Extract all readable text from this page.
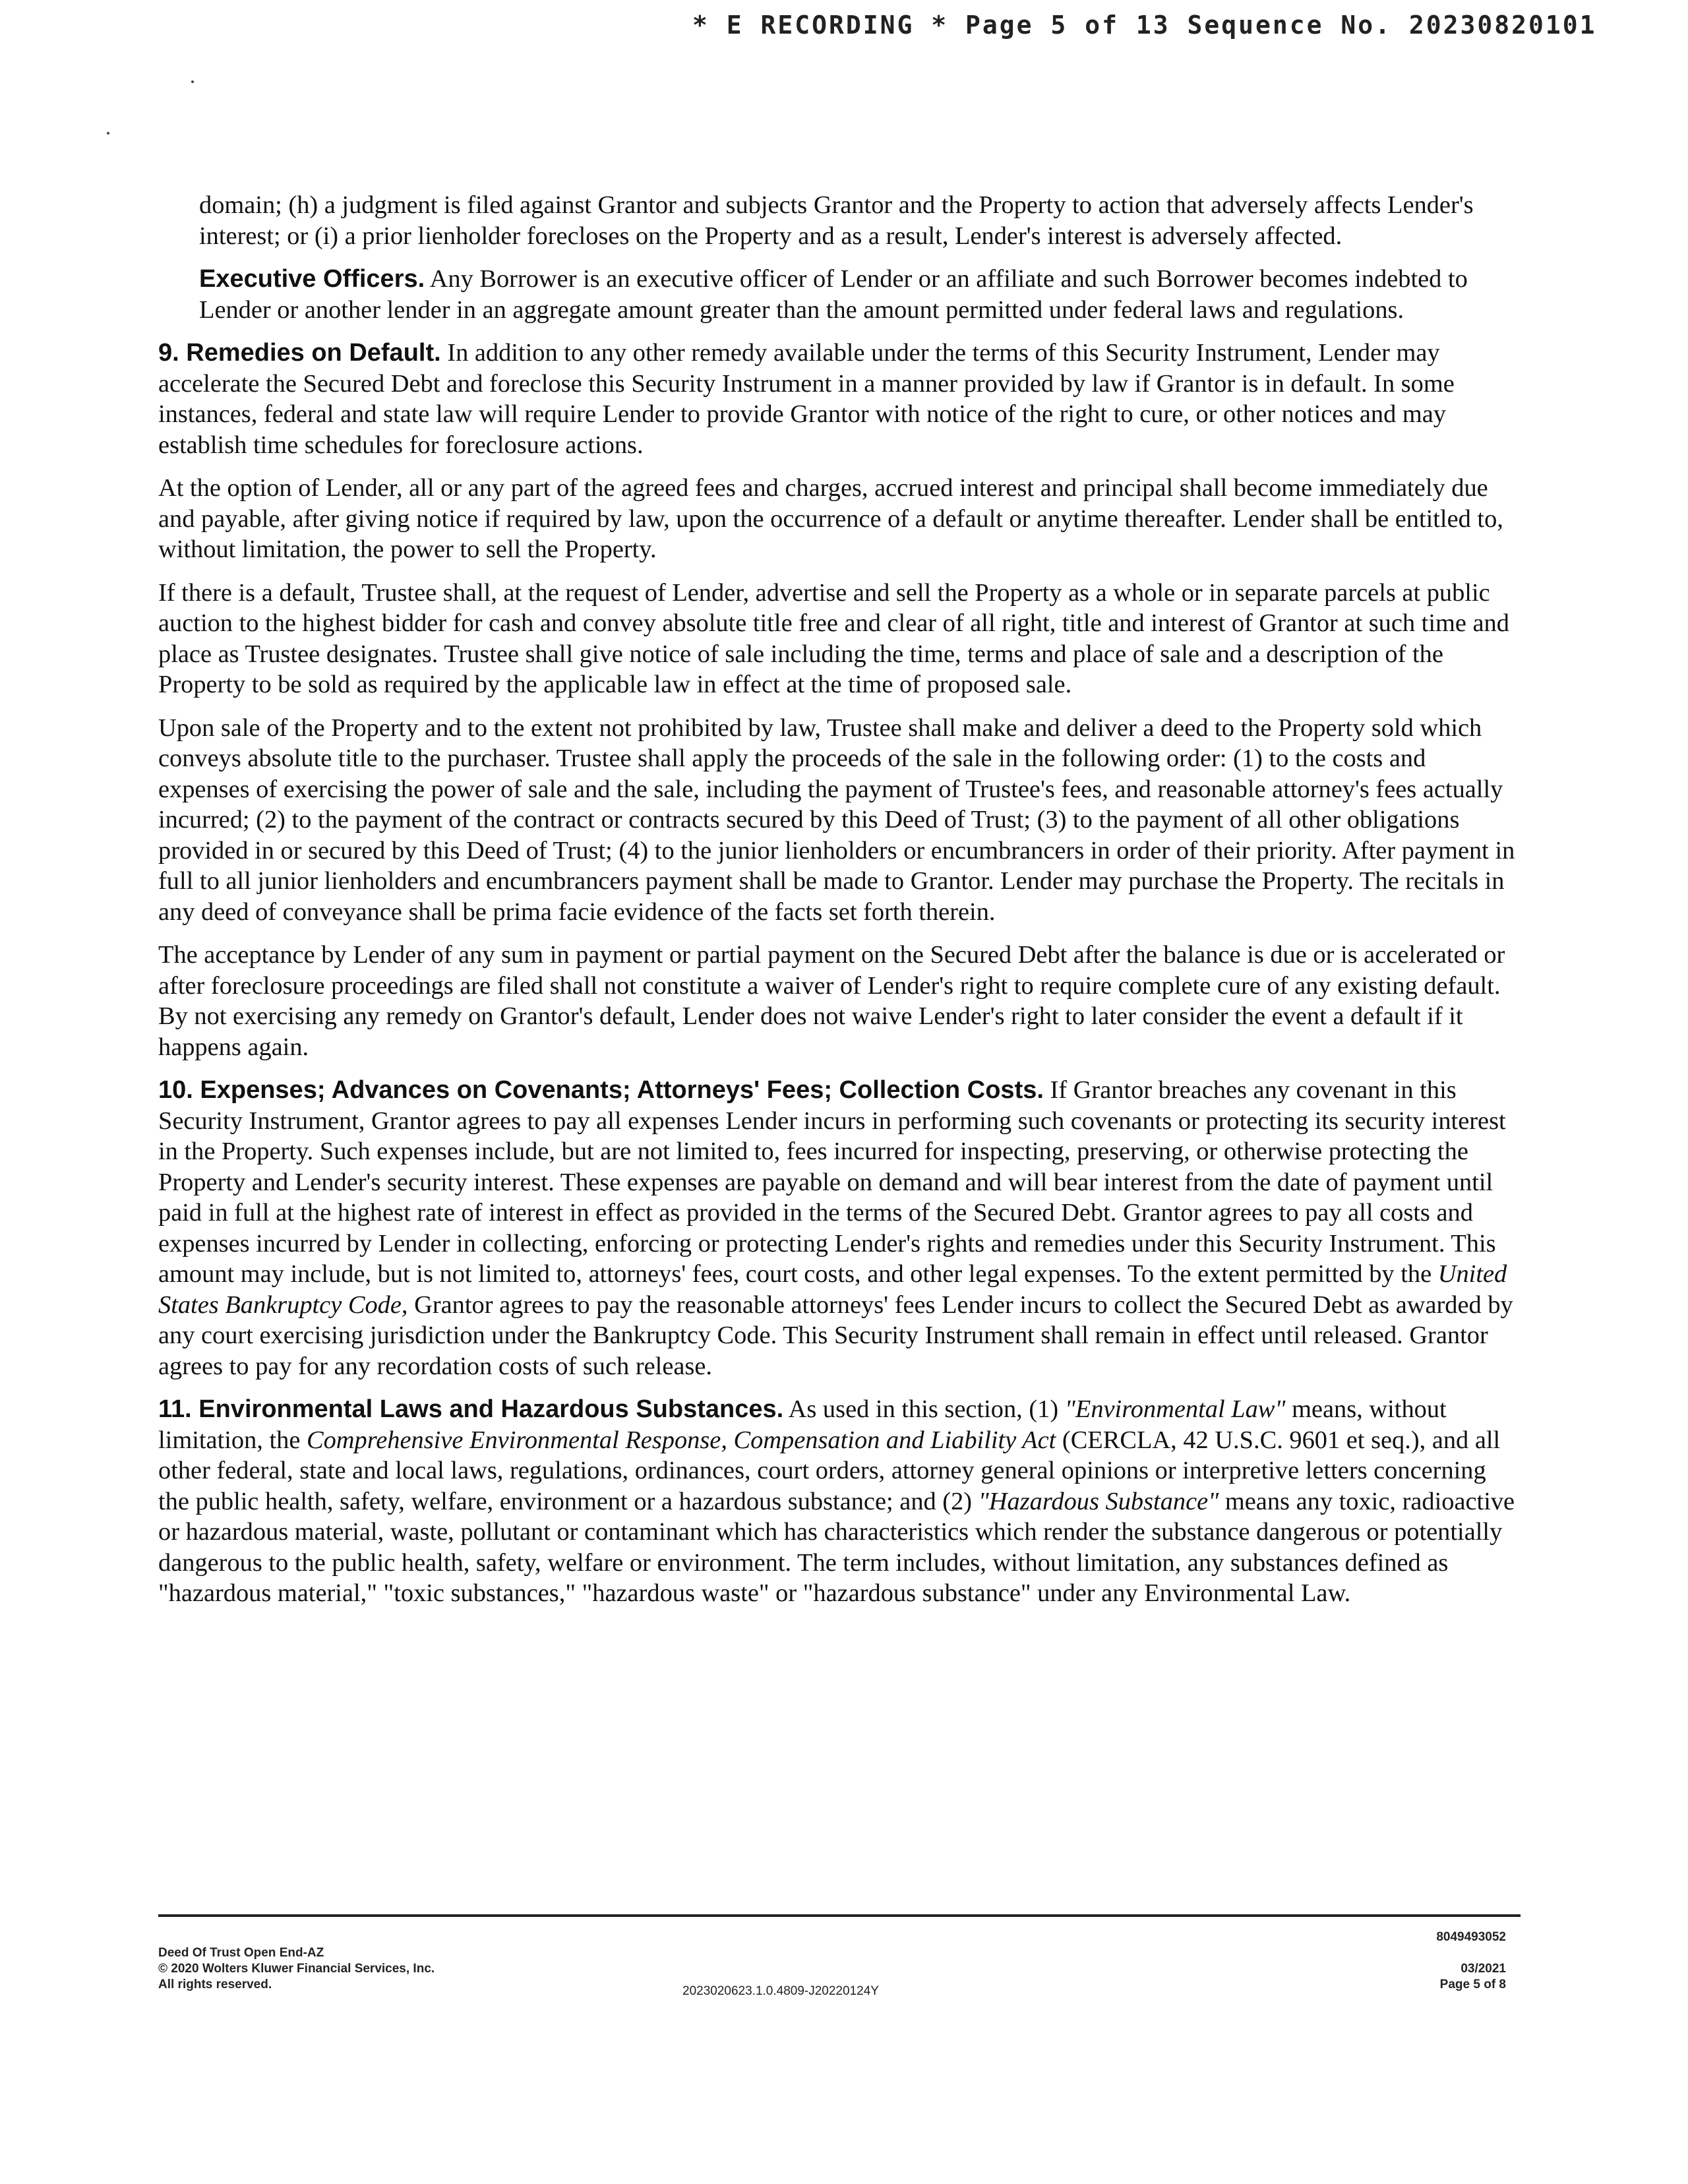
* E RECORDING * Page 5 of 13 Sequence No. 20230820101

domain; (h) a judgment is filed against Grantor and subjects Grantor and the Property to action that adversely affects Lender's interest; or (i) a prior lienholder forecloses on the Property and as a result, Lender's interest is adversely affected.

Executive Officers. Any Borrower is an executive officer of Lender or an affiliate and such Borrower becomes indebted to Lender or another lender in an aggregate amount greater than the amount permitted under federal laws and regulations.

9. Remedies on Default. In addition to any other remedy available under the terms of this Security Instrument, Lender may accelerate the Secured Debt and foreclose this Security Instrument in a manner provided by law if Grantor is in default. In some instances, federal and state law will require Lender to provide Grantor with notice of the right to cure, or other notices and may establish time schedules for foreclosure actions.

At the option of Lender, all or any part of the agreed fees and charges, accrued interest and principal shall become immediately due and payable, after giving notice if required by law, upon the occurrence of a default or anytime thereafter. Lender shall be entitled to, without limitation, the power to sell the Property.

If there is a default, Trustee shall, at the request of Lender, advertise and sell the Property as a whole or in separate parcels at public auction to the highest bidder for cash and convey absolute title free and clear of all right, title and interest of Grantor at such time and place as Trustee designates. Trustee shall give notice of sale including the time, terms and place of sale and a description of the Property to be sold as required by the applicable law in effect at the time of proposed sale.

Upon sale of the Property and to the extent not prohibited by law, Trustee shall make and deliver a deed to the Property sold which conveys absolute title to the purchaser. Trustee shall apply the proceeds of the sale in the following order: (1) to the costs and expenses of exercising the power of sale and the sale, including the payment of Trustee's fees, and reasonable attorney's fees actually incurred; (2) to the payment of the contract or contracts secured by this Deed of Trust; (3) to the payment of all other obligations provided in or secured by this Deed of Trust; (4) to the junior lienholders or encumbrancers in order of their priority. After payment in full to all junior lienholders and encumbrancers payment shall be made to Grantor. Lender may purchase the Property. The recitals in any deed of conveyance shall be prima facie evidence of the facts set forth therein.

The acceptance by Lender of any sum in payment or partial payment on the Secured Debt after the balance is due or is accelerated or after foreclosure proceedings are filed shall not constitute a waiver of Lender's right to require complete cure of any existing default. By not exercising any remedy on Grantor's default, Lender does not waive Lender's right to later consider the event a default if it happens again.

10. Expenses; Advances on Covenants; Attorneys' Fees; Collection Costs. If Grantor breaches any covenant in this Security Instrument, Grantor agrees to pay all expenses Lender incurs in performing such covenants or protecting its security interest in the Property. Such expenses include, but are not limited to, fees incurred for inspecting, preserving, or otherwise protecting the Property and Lender's security interest. These expenses are payable on demand and will bear interest from the date of payment until paid in full at the highest rate of interest in effect as provided in the terms of the Secured Debt. Grantor agrees to pay all costs and expenses incurred by Lender in collecting, enforcing or protecting Lender's rights and remedies under this Security Instrument. This amount may include, but is not limited to, attorneys' fees, court costs, and other legal expenses. To the extent permitted by the United States Bankruptcy Code, Grantor agrees to pay the reasonable attorneys' fees Lender incurs to collect the Secured Debt as awarded by any court exercising jurisdiction under the Bankruptcy Code. This Security Instrument shall remain in effect until released. Grantor agrees to pay for any recordation costs of such release.

11. Environmental Laws and Hazardous Substances. As used in this section, (1) "Environmental Law" means, without limitation, the Comprehensive Environmental Response, Compensation and Liability Act (CERCLA, 42 U.S.C. 9601 et seq.), and all other federal, state and local laws, regulations, ordinances, court orders, attorney general opinions or interpretive letters concerning the public health, safety, welfare, environment or a hazardous substance; and (2) "Hazardous Substance" means any toxic, radioactive or hazardous material, waste, pollutant or contaminant which has characteristics which render the substance dangerous or potentially dangerous to the public health, safety, welfare or environment. The term includes, without limitation, any substances defined as "hazardous material," "toxic substances," "hazardous waste" or "hazardous substance" under any Environmental Law.

Deed Of Trust Open End-AZ
© 2020 Wolters Kluwer Financial Services, Inc.
All rights reserved.	2023020623.1.0.4809-J20220124Y
8049493052
03/2021
Page 5 of 8
